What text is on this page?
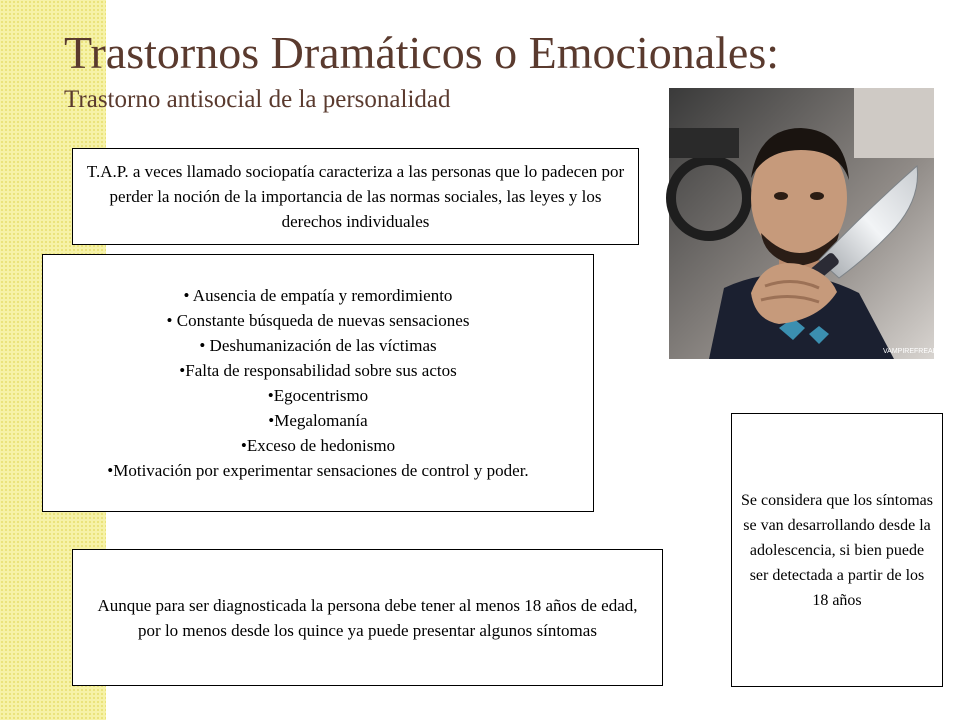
Trastornos Dramáticos o Emocionales:
Trastorno antisocial de la personalidad
T.A.P. a veces llamado sociopatía caracteriza a las personas que lo padecen por perder la noción de la importancia de las normas sociales, las leyes y los derechos individuales
• Ausencia de empatía y remordimiento
• Constante búsqueda de nuevas sensaciones
• Deshumanización de las víctimas
•Falta de responsabilidad sobre sus actos
•Egocentrismo
•Megalomanía
•Exceso de hedonismo
•Motivación por experimentar sensaciones de control y poder.
Aunque para ser diagnosticada la persona debe tener al menos 18 años de edad, por lo menos desde los quince ya puede presentar algunos síntomas
Se considera que los síntomas se van desarrollando desde la adolescencia, si bien puede ser detectada a partir de los 18 años
VAMPIREFREAKS.COM
